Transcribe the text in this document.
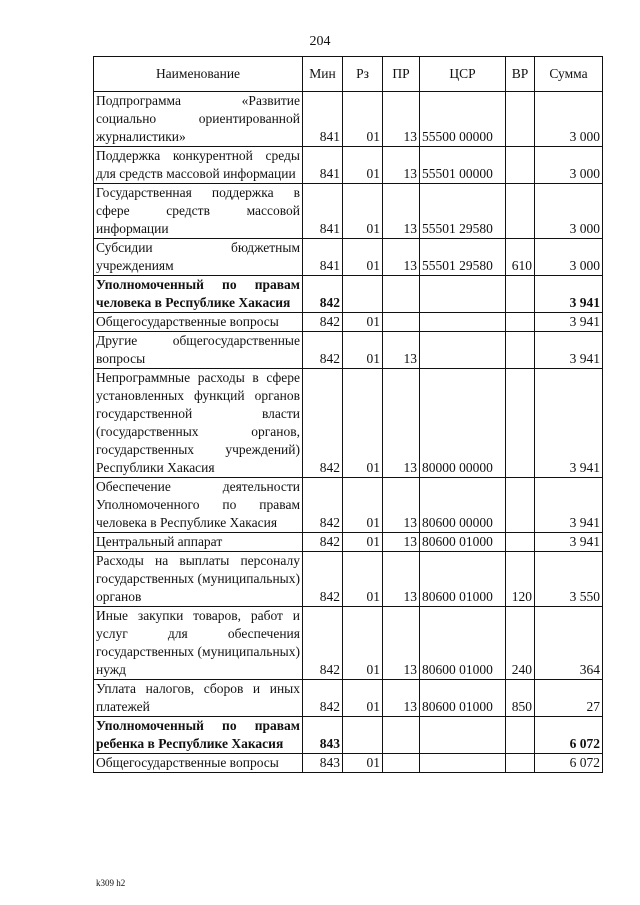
204
Наименование	Мин	Рз	ПР	ЦСР	ВР	Сумма
Подпрограмма «Развитие социально ориентированной журналистики»	841	01	13	55500 00000		3 000
Поддержка конкурентной среды для средств массовой информации	841	01	13	55501 00000		3 000
Государственная поддержка в сфере средств массовой информации	841	01	13	55501 29580		3 000
Субсидии бюджетным учреждениям	841	01	13	55501 29580	610	3 000
Уполномоченный по правам человека в Республике Хакасия	842					3 941
Общегосударственные вопросы	842	01				3 941
Другие общегосударственные вопросы	842	01	13			3 941
Непрограммные расходы в сфере установленных функций органов государственной власти (государственных органов, государственных учреждений) Республики Хакасия	842	01	13	80000 00000		3 941
Обеспечение деятельности Уполномоченного по правам человека в Республике Хакасия	842	01	13	80600 00000		3 941
Центральный аппарат	842	01	13	80600 01000		3 941
Расходы на выплаты персоналу государственных (муниципальных) органов	842	01	13	80600 01000	120	3 550
Иные закупки товаров, работ и услуг для обеспечения государственных (муниципальных) нужд	842	01	13	80600 01000	240	364
Уплата налогов, сборов и иных платежей	842	01	13	80600 01000	850	27
Уполномоченный по правам ребенка в Республике Хакасия	843					6 072
Общегосударственные вопросы	843	01				6 072
k309 h2
